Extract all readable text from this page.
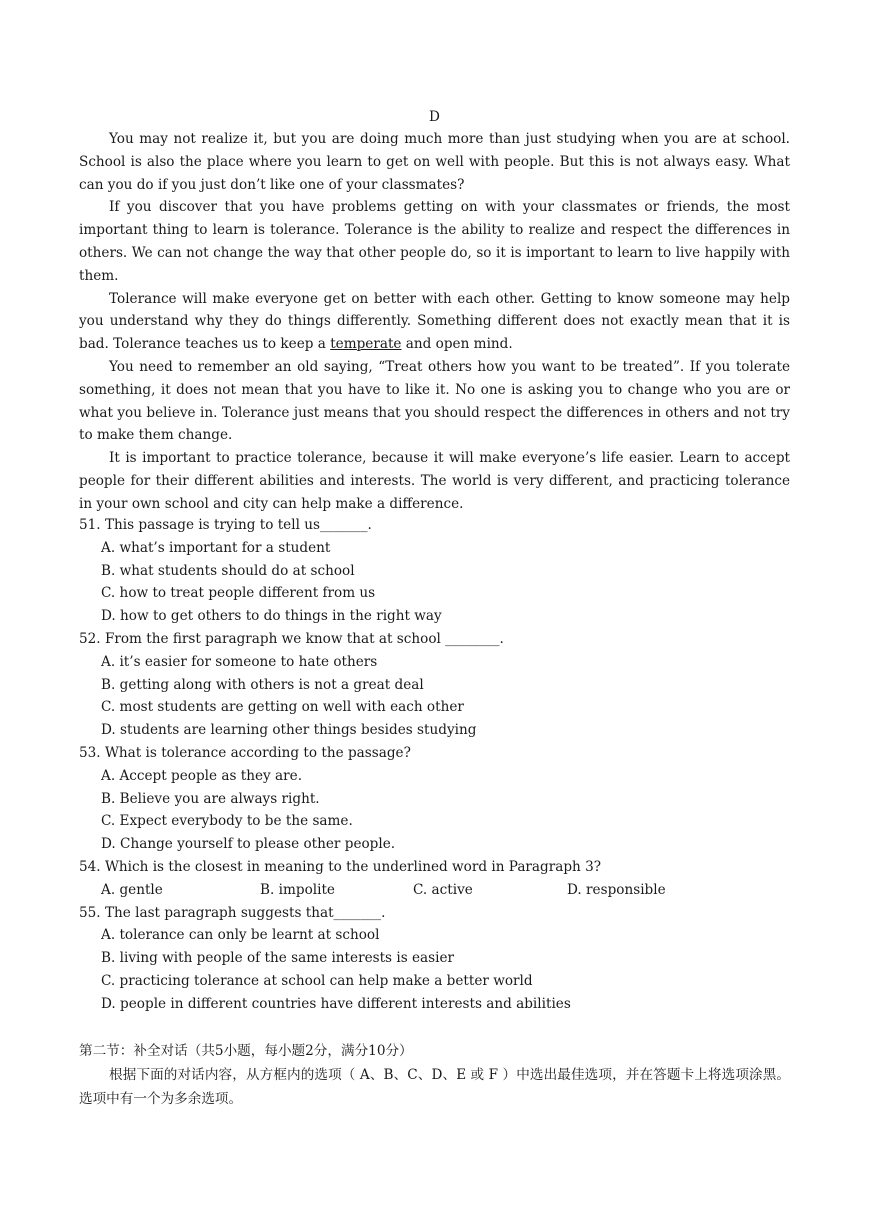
D

You may not realize it, but you are doing much more than just studying when you are at school. School is also the place where you learn to get on well with people. But this is not always easy. What can you do if you just don’t like one of your classmates?

If you discover that you have problems getting on with your classmates or friends, the most important thing to learn is tolerance. Tolerance is the ability to realize and respect the differences in others. We can not change the way that other people do, so it is important to learn to live happily with them.

Tolerance will make everyone get on better with each other. Getting to know someone may help you understand why they do things differently. Something different does not exactly mean that it is bad. Tolerance teaches us to keep a temperate and open mind.

You need to remember an old saying, “Treat others how you want to be treated”. If you tolerate something, it does not mean that you have to like it. No one is asking you to change who you are or what you believe in. Tolerance just means that you should respect the differences in others and not try to make them change.

It is important to practice tolerance, because it will make everyone’s life easier. Learn to accept people for their different abilities and interests. The world is very different, and practicing tolerance in your own school and city can help make a difference.

51. This passage is trying to tell us_______.

A. what’s important for a student

B. what students should do at school

C. how to treat people different from us

D. how to get others to do things in the right way

52. From the first paragraph we know that at school ________.

A. it’s easier for someone to hate others

B. getting along with others is not a great deal

C. most students are getting on well with each other

D. students are learning other things besides studying

53. What is tolerance according to the passage?

A. Accept people as they are.

B. Believe you are always right.

C. Expect everybody to be the same.

D. Change yourself to please other people.

54. Which is the closest in meaning to the underlined word in Paragraph 3?

A. gentle	B. impolite	C. active	D. responsible

55. The last paragraph suggests that_______.

A. tolerance can only be learnt at school

B. living with people of the same interests is easier

C. practicing tolerance at school can help make a better world

D. people in different countries have different interests and abilities

第二节：补全对话（共5小题，每小题2分，满分10分）

根据下面的对话内容，从方框内的选项（ A、B、C、D、E 或 F ）中选出最佳选项，并在答题卡上将选项涂黑。选项中有一个为多余选项。
